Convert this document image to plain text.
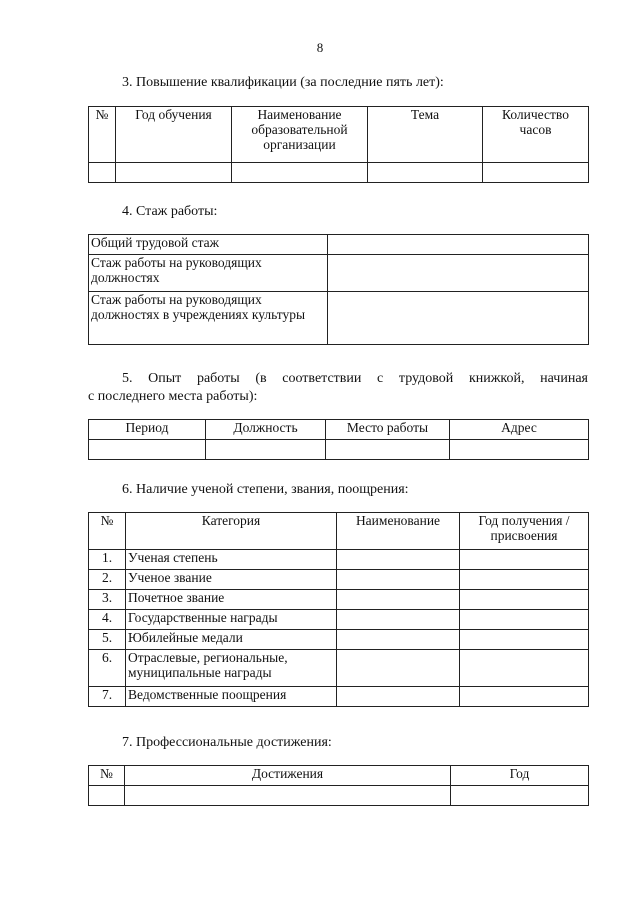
8
3. Повышение квалификации (за последние пять лет):
№	Год обучения	Наименование образовательной организации	Тема	Количество часов

4. Стаж работы:
Общий трудовой стаж	
Стаж работы на руководящих должностях	
Стаж работы на руководящих должностях в учреждениях культуры	
5. Опыт работы (в соответствии с трудовой книжкой, начиная
с последнего места работы):
Период	Должность	Место работы	Адрес

6. Наличие ученой степени, звания, поощрения:
№	Категория	Наименование	Год получения /присвоения
1.	Ученая степень		
2.	Ученое звание		
3.	Почетное звание		
4.	Государственные награды		
5.	Юбилейные медали		
6.	Отраслевые, региональные, муниципальные награды		
7.	Ведомственные поощрения		
7. Профессиональные достижения:
№	Достижения	Год
